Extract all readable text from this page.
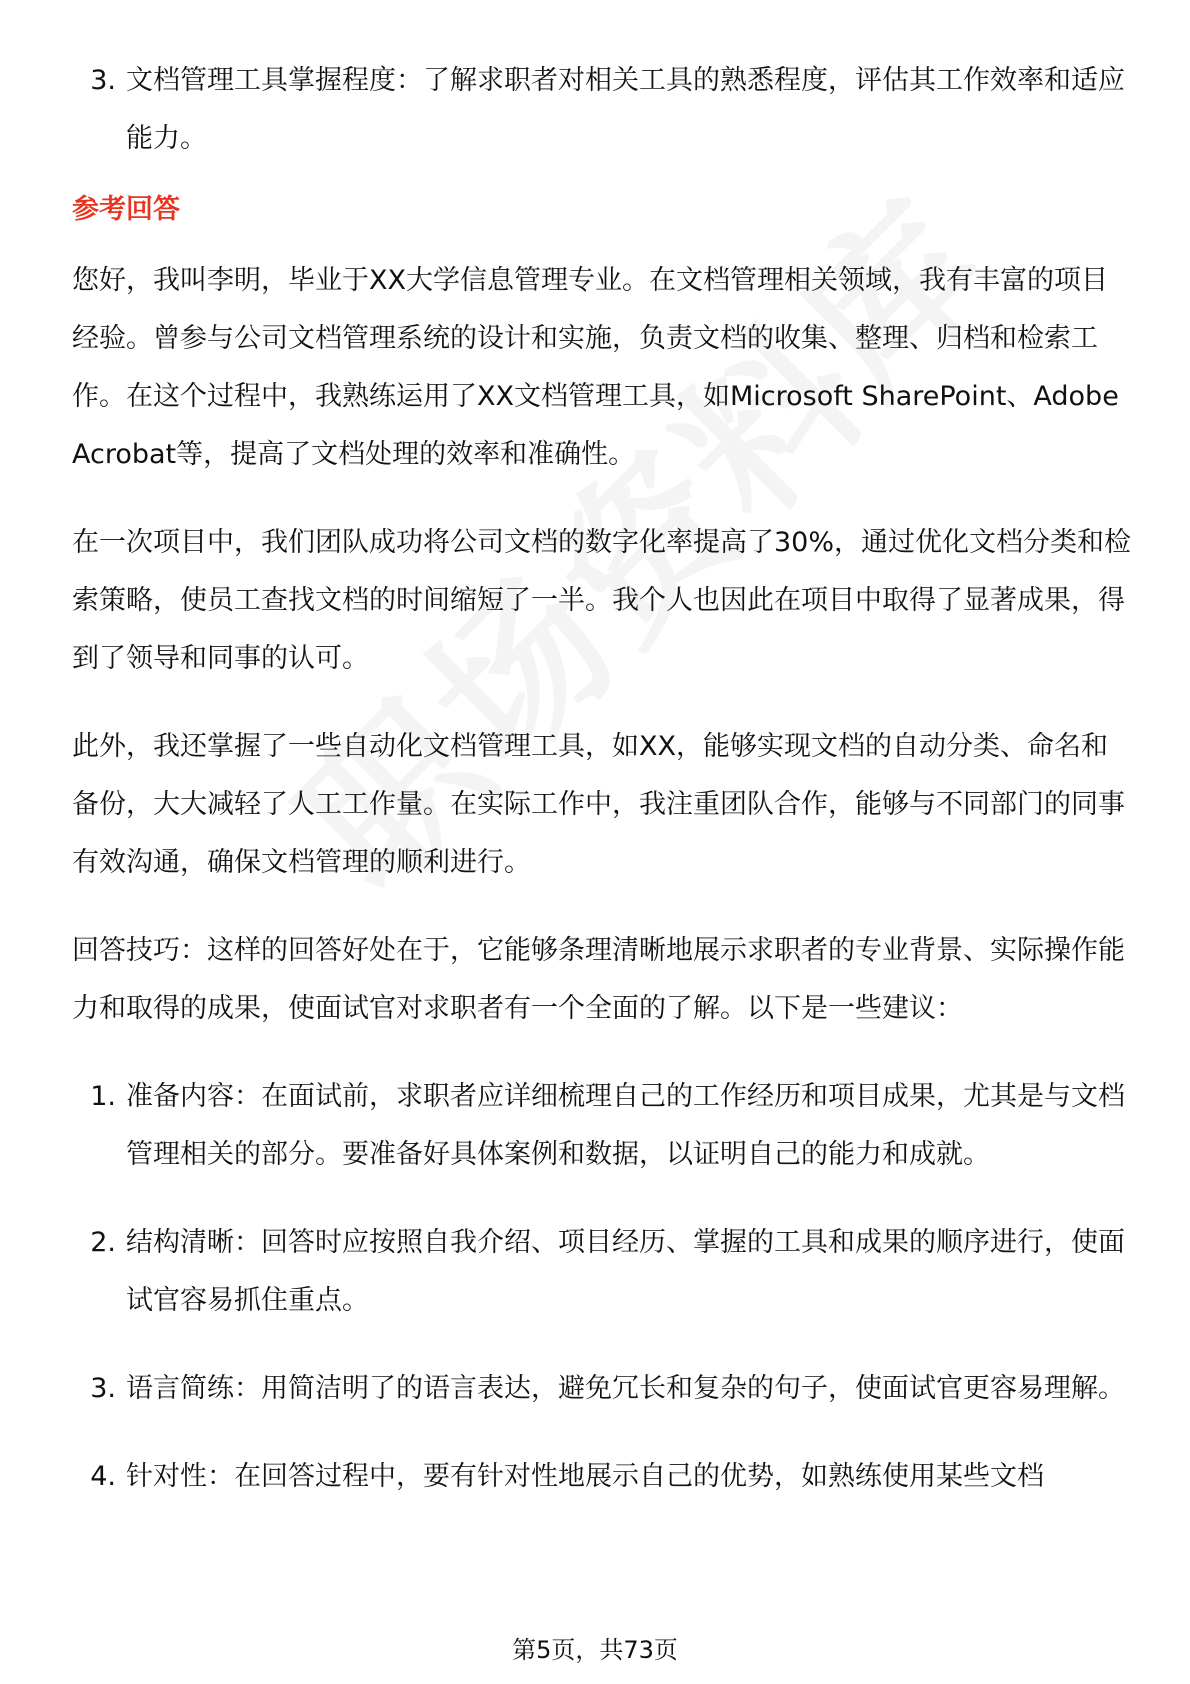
3. 文档管理工具掌握程度：了解求职者对相关工具的熟悉程度，评估其工作效率和适应能力。
参考回答

您好，我叫李明，毕业于XX大学信息管理专业。在文档管理相关领域，我有丰富的项目经验。曾参与公司文档管理系统的设计和实施，负责文档的收集、整理、归档和检索工作。在这个过程中，我熟练运用了XX文档管理工具，如Microsoft SharePoint、Adobe Acrobat等，提高了文档处理的效率和准确性。

在一次项目中，我们团队成功将公司文档的数字化率提高了30%，通过优化文档分类和检索策略，使员工查找文档的时间缩短了一半。我个人也因此在项目中取得了显著成果，得到了领导和同事的认可。

此外，我还掌握了一些自动化文档管理工具，如XX，能够实现文档的自动分类、命名和备份，大大减轻了人工工作量。在实际工作中，我注重团队合作，能够与不同部门的同事有效沟通，确保文档管理的顺利进行。

回答技巧：这样的回答好处在于，它能够条理清晰地展示求职者的专业背景、实际操作能力和取得的成果，使面试官对求职者有一个全面的了解。以下是一些建议：

1. 准备内容：在面试前，求职者应详细梳理自己的工作经历和项目成果，尤其是与文档管理相关的部分。要准备好具体案例和数据，以证明自己的能力和成就。
2. 结构清晰：回答时应按照自我介绍、项目经历、掌握的工具和成果的顺序进行，使面试官容易抓住重点。
3. 语言简练：用简洁明了的语言表达，避免冗长和复杂的句子，使面试官更容易理解。
4. 针对性：在回答过程中，要有针对性地展示自己的优势，如熟练使用某些文档
第5页，共73页
